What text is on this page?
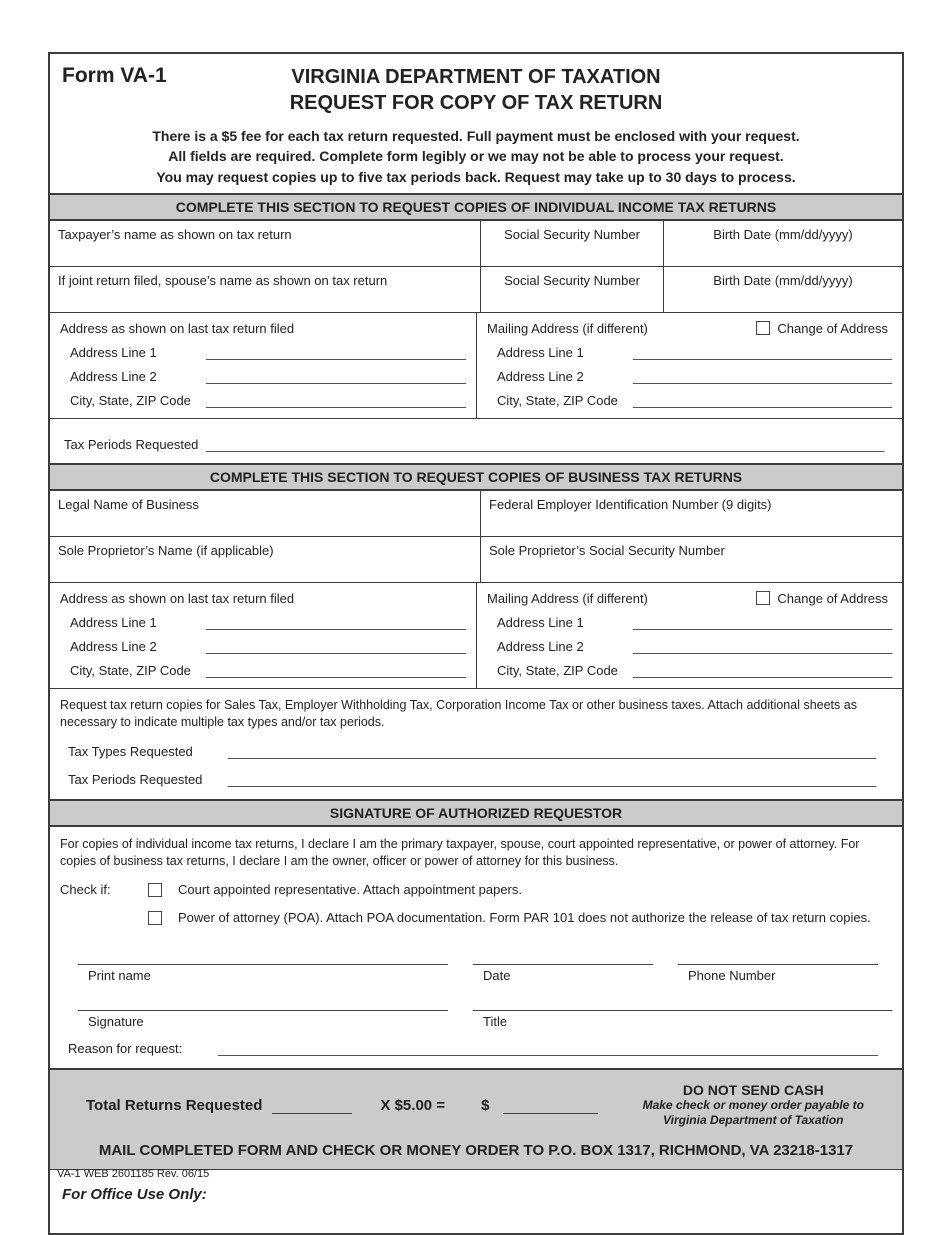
Form VA-1	VIRGINIA DEPARTMENT OF TAXATION
REQUEST FOR COPY OF TAX RETURN
There is a $5 fee for each tax return requested. Full payment must be enclosed with your request.
All fields are required. Complete form legibly or we may not be able to process your request.
You may request copies up to five tax periods back. Request may take up to 30 days to process.
COMPLETE THIS SECTION TO REQUEST COPIES OF INDIVIDUAL INCOME TAX RETURNS
Taxpayer’s name as shown on tax return	Social Security Number	Birth Date (mm/dd/yyyy)
If joint return filed, spouse’s name as shown on tax return	Social Security Number	Birth Date (mm/dd/yyyy)
Address as shown on last tax return filed
Address Line 1
Address Line 2
City, State, ZIP Code
Mailing Address (if different)	Change of Address
Address Line 1
Address Line 2
City, State, ZIP Code
Tax Periods Requested
COMPLETE THIS SECTION TO REQUEST COPIES OF BUSINESS TAX RETURNS
Legal Name of Business	Federal Employer Identification Number (9 digits)
Sole Proprietor’s Name (if applicable)	Sole Proprietor’s Social Security Number
Address as shown on last tax return filed
Address Line 1
Address Line 2
City, State, ZIP Code
Mailing Address (if different)	Change of Address
Address Line 1
Address Line 2
City, State, ZIP Code
Request tax return copies for Sales Tax, Employer Withholding Tax, Corporation Income Tax or other business taxes. Attach additional sheets as necessary to indicate multiple tax types and/or tax periods.
Tax Types Requested
Tax Periods Requested
SIGNATURE OF AUTHORIZED REQUESTOR
For copies of individual income tax returns, I declare I am the primary taxpayer, spouse, court appointed representative, or power of attorney. For copies of business tax returns, I declare I am the owner, officer or power of attorney for this business.
Check if:	Court appointed representative. Attach appointment papers.
Power of attorney (POA). Attach POA documentation. Form PAR 101 does not authorize the release of tax return copies.
Print name	Date	Phone Number
Signature	Title
Reason for request:
Total Returns Requested	X $5.00 = $
DO NOT SEND CASH
Make check or money order payable to
Virginia Department of Taxation
MAIL COMPLETED FORM AND CHECK OR MONEY ORDER TO P.O. BOX 1317, RICHMOND, VA 23218-1317
For Office Use Only:
VA-1 WEB 2601185 Rev. 06/15
